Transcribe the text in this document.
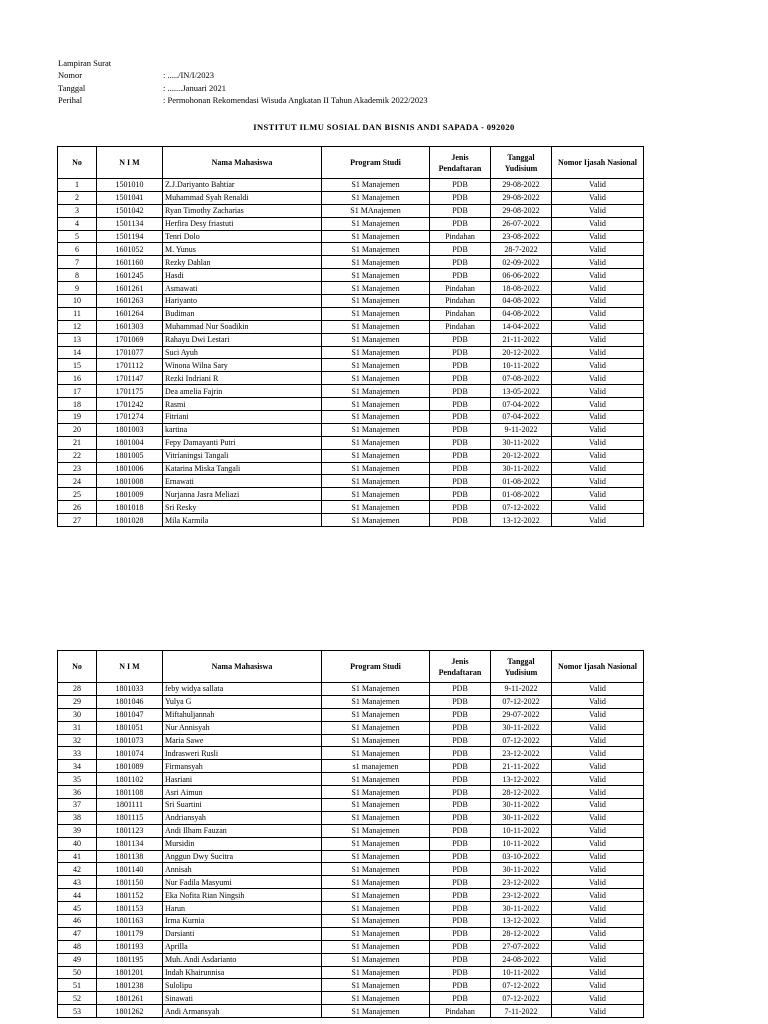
Lampiran Surat
Nomor	: ...../IN/I/2023
Tanggal	: .......Januari 2021
Perihal	: Permohonan Rekomendasi Wisuda Angkatan II Tahun Akademik 2022/2023
INSTITUT ILMU SOSIAL DAN BISNIS ANDI SAPADA - 092020
No	N I M	Nama Mahasiswa	Program Studi	Jenis Pendaftaran	Tanggal Yudisium	Nomor Ijasah Nasional
1	1501010	Z.J.Dariyanto Bahtiar	S1 Manajemen	PDB	29-08-2022	Valid
2	1501041	Muhammad Syah Renaldi	S1 Manajemen	PDB	29-08-2022	Valid
3	1501042	Ryan Timothy Zacharias	S1 MAnajemen	PDB	29-08-2022	Valid
4	1501134	Herfira Desy friastuti	S1 Manajemen	PDB	26-07-2022	Valid
5	1501194	Tenri Dolo	S1 Manajemen	Pindahan	23-08-2022	Valid
6	1601052	M. Yunus	S1 Manajemen	PDB	28-7-2022	Valid
7	1601160	Rezky Dahlan	S1 Manajemen	PDB	02-09-2022	Valid
8	1601245	Hasdi	S1 Manajemen	PDB	06-06-2022	Valid
9	1601261	Asmawati	S1 Manajemen	Pindahan	18-08-2022	Valid
10	1601263	Hariyanto	S1 Manajemen	Pindahan	04-08-2022	Valid
11	1601264	Budiman	S1 Manajemen	Pindahan	04-08-2022	Valid
12	1601303	Muhammad Nur Soadikin	S1 Manajemen	Pindahan	14-04-2022	Valid
13	1701069	Rahayu Dwi Lestari	S1 Manajemen	PDB	21-11-2022	Valid
14	1701077	Suci Ayuh	S1 Manajemen	PDB	20-12-2022	Valid
15	1701112	Winona Wilna Sary	S1 Manajemen	PDB	10-11-2022	Valid
16	1701147	Rezki Indriani R	S1 Manajemen	PDB	07-08-2022	Valid
17	1701175	Dea amelia Fajrin	S1 Manajemen	PDB	13-05-2022	Valid
18	1701242	Rasmi	S1 Manajemen	PDB	07-04-2022	Valid
19	1701274	Fitriani	S1 Manajemen	PDB	07-04-2022	Valid
20	1801003	kartina	S1 Manajemen	PDB	9-11-2022	Valid
21	1801004	Fepy Damayanti Putri	S1 Manajemen	PDB	30-11-2022	Valid
22	1801005	Vitrianingsi Tangali	S1 Manajemen	PDB	20-12-2022	Valid
23	1801006	Katarina Miska Tangali	S1 Manajemen	PDB	30-11-2022	Valid
24	1801008	Ernawati	S1 Manajemen	PDB	01-08-2022	Valid
25	1801009	Nurjanna Jasra Meliazi	S1 Manajemen	PDB	01-08-2022	Valid
26	1801018	Sri Resky	S1 Manajemen	PDB	07-12-2022	Valid
27	1801028	Mila Karmila	S1 Manajemen	PDB	13-12-2022	Valid
No	N I M	Nama Mahasiswa	Program Studi	Jenis Pendaftaran	Tanggal Yudisium	Nomor Ijasah Nasional
28	1801033	feby widya sallata	S1 Manajemen	PDB	9-11-2022	Valid
29	1801046	Yulya G	S1 Manajemen	PDB	07-12-2022	Valid
30	1801047	Miftahuljannah	S1 Manajemen	PDB	29-07-2022	Valid
31	1801051	Nur Annisyah	S1 Manajemen	PDB	30-11-2022	Valid
32	1801073	Maria Sawe	S1 Manajemen	PDB	07-12-2022	Valid
33	1801074	Indrasweri Rusli	S1 Manajemen	PDB	23-12-2022	Valid
34	1801089	Firmansyah	s1 manajemen	PDB	21-11-2022	Valid
35	1801102	Hasriani	S1 Manajemen	PDB	13-12-2022	Valid
36	1801108	Asri Aimun	S1 Manajemen	PDB	28-12-2022	Valid
37	1801111	Sri Suartini	S1 Manajemen	PDB	30-11-2022	Valid
38	1801115	Andriansyah	S1 Manajemen	PDB	30-11-2022	Valid
39	1801123	Andi Ilham Fauzan	S1 Manajemen	PDB	10-11-2022	Valid
40	1801134	Mursidin	S1 Manajemen	PDB	10-11-2022	Valid
41	1801138	Anggun Dwy Sucitra	S1 Manajemen	PDB	03-10-2022	Valid
42	1801140	Annisah	S1 Manajemen	PDB	30-11-2022	Valid
43	1801150	Nur Fadila Masyumi	S1 Manajemen	PDB	23-12-2022	Valid
44	1801152	Eka Nofita Rian Ningsih	S1 Manajemen	PDB	23-12-2022	Valid
45	1801153	Harun	S1 Manajemen	PDB	30-11-2022	Valid
46	1801163	Irma Kurnia	S1 Manajemen	PDB	13-12-2022	Valid
47	1801179	Darsianti	S1 Manajemen	PDB	28-12-2022	Valid
48	1801193	Aprilla	S1 Manajemen	PDB	27-07-2022	Valid
49	1801195	Muh. Andi Asdarianto	S1 Manajemen	PDB	24-08-2022	Valid
50	1801201	Indah Khairunnisa	S1 Manajemen	PDB	10-11-2022	Valid
51	1801238	Sulolipu	S1 Manajemen	PDB	07-12-2022	Valid
52	1801261	Sinawati	S1 Manajemen	PDB	07-12-2022	Valid
53	1801262	Andi Armansyah	S1 Manajemen	Pindahan	7-11-2022	Valid
